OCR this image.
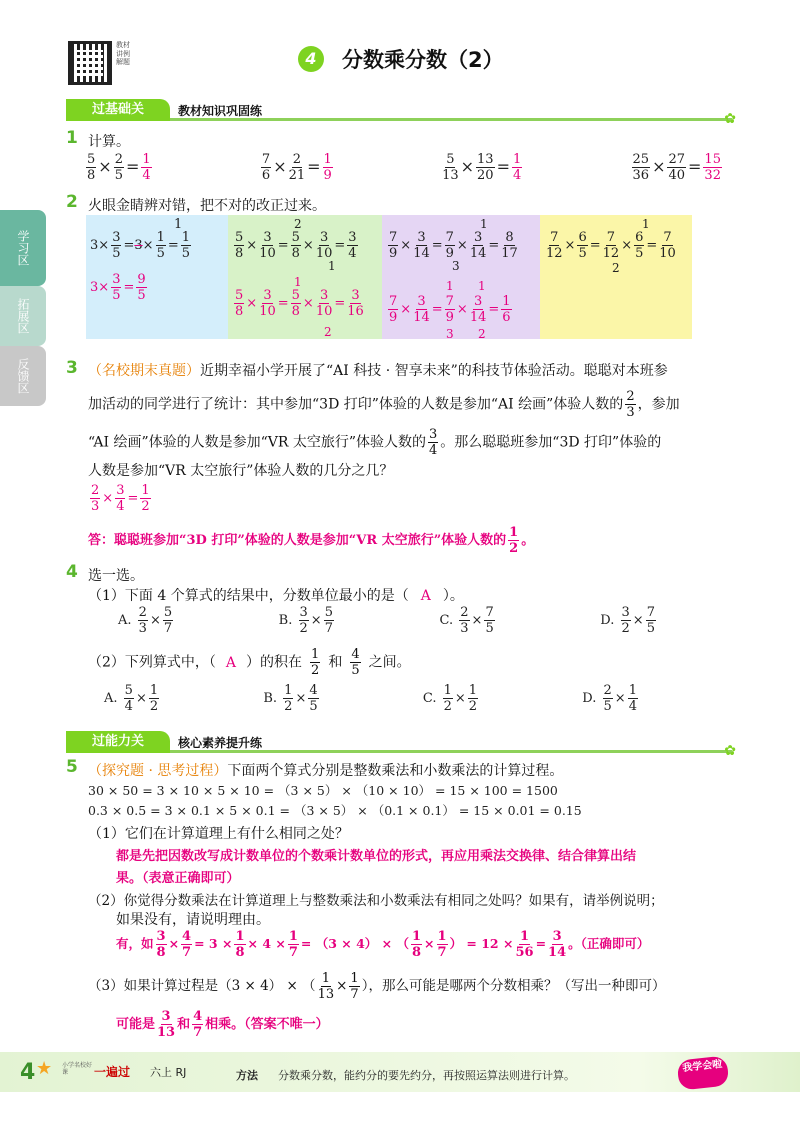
教材讲例解题	4	分数乘分数（2）
学习区
拓展区
反馈区
过基础关	教材知识巩固练	✿
1 计算。
$\frac{5}{8} \times \frac{2}{5} = \frac{1}{4}$	$\frac{7}{6} \times \frac{2}{21} = \frac{1}{9}$	$\frac{5}{13} \times \frac{13}{20} = \frac{1}{4}$	$\frac{25}{36} \times \frac{27}{40} = \frac{15}{32}$
2 火眼金睛辨对错，把不对的改正过来。
$3\times \frac{3}{5} =3\times \frac{1}{5} = \frac{1}{5}$
1
$3\times \frac{3}{5} = \frac{9}{5}$
$\frac{5}{8} \times \frac{3}{10} = \frac{5}{8} \times \frac{3}{10} = \frac{3}{4}$
2
1
$\frac{5}{8} \times \frac{3}{10} = \frac{5}{8} \times \frac{3}{10} = \frac{3}{16}$
1
2
$\frac{7}{9} \times \frac{3}{14} = \frac{7}{9} \times \frac{3}{14} = \frac{8}{17}$
1
3
$\frac{7}{9} \times \frac{3}{14} = \frac{7}{9} \times \frac{3}{14} = \frac{1}{6}$
1 1
3 2
$\frac{7}{12} \times \frac{6}{5} = \frac{7}{12} \times \frac{6}{5} = \frac{7}{10}$
1
2
3 （名校期末真题）近期幸福小学开展了“AI 科技 · 智享未来”的科技节体验活动。聪聪对本班参
加活动的同学进行了统计：其中参加“3D 打印”体验的人数是参加“AI 绘画”体验人数的 $\frac{2}{3}$ ，参加
“AI 绘画”体验的人数是参加“VR 太空旅行”体验人数的 $\frac{3}{4}$ 。那么聪聪班参加“3D 打印”体验的
人数是参加“VR 太空旅行”体验人数的几分之几？
$\frac{2}{3} \times \frac{3}{4} = \frac{1}{2}$
答：聪聪班参加“3D 打印”体验的人数是参加“VR 太空旅行”体验人数的 $\frac{1}{2}$ 。
4 选一选。
（1）下面 4 个算式的结果中，分数单位最小的是（ A ）。
A. $\frac{2}{3} \times \frac{5}{7}$	B. $\frac{3}{2} \times \frac{5}{7}$	C. $\frac{2}{3} \times \frac{7}{5}$	D. $\frac{3}{2} \times \frac{7}{5}$
（2）下列算式中，（ A ）的积在 $\frac{1}{2}$ 和 $\frac{4}{5}$ 之间。
A. $\frac{5}{4} \times \frac{1}{2}$	B. $\frac{1}{2} \times \frac{4}{5}$	C. $\frac{1}{2} \times \frac{1}{2}$	D. $\frac{2}{5} \times \frac{1}{4}$
过能力关	核心素养提升练	✿
5 （探究题 · 思考过程）下面两个算式分别是整数乘法和小数乘法的计算过程。
30 × 50 = 3 × 10 × 5 × 10 = （3 × 5） × （10 × 10） = 15 × 100 = 1500
0.3 × 0.5 = 3 × 0.1 × 5 × 0.1 = （3 × 5） × （0.1 × 0.1） = 15 × 0.01 = 0.15
（1）它们在计算道理上有什么相同之处？
都是先把因数改写成计数单位的个数乘计数单位的形式，再应用乘法交换律、结合律算出结
果。（表意正确即可）
（2）你觉得分数乘法在计算道理上与整数乘法和小数乘法有相同之处吗？如果有，请举例说明；
如果没有，请说明理由。
有，如 $\frac{3}{8} \times \frac{4}{7} = 3 \times \frac{1}{8} \times 4 \times \frac{1}{7} = (3 \times 4)$ × （ $\frac{1}{8} \times \frac{1}{7}$ ） = $12 \times \frac{1}{56} = \frac{3}{14}$ 。（正确即可）
（3）如果计算过程是（3 × 4） × （ $\frac{1}{13} \times \frac{1}{7}$ ），那么可能是哪两个分数相乘？（写出一种即可）
可能是 $\frac{3}{13}$ 和 $\frac{4}{7}$ 相乘。（答案不唯一）
4 ★ 小学名校好课	一遍过 六上 RJ	方法 分数乘分数，能约分的要先约分，再按照运算法则进行计算。
我学会啦
